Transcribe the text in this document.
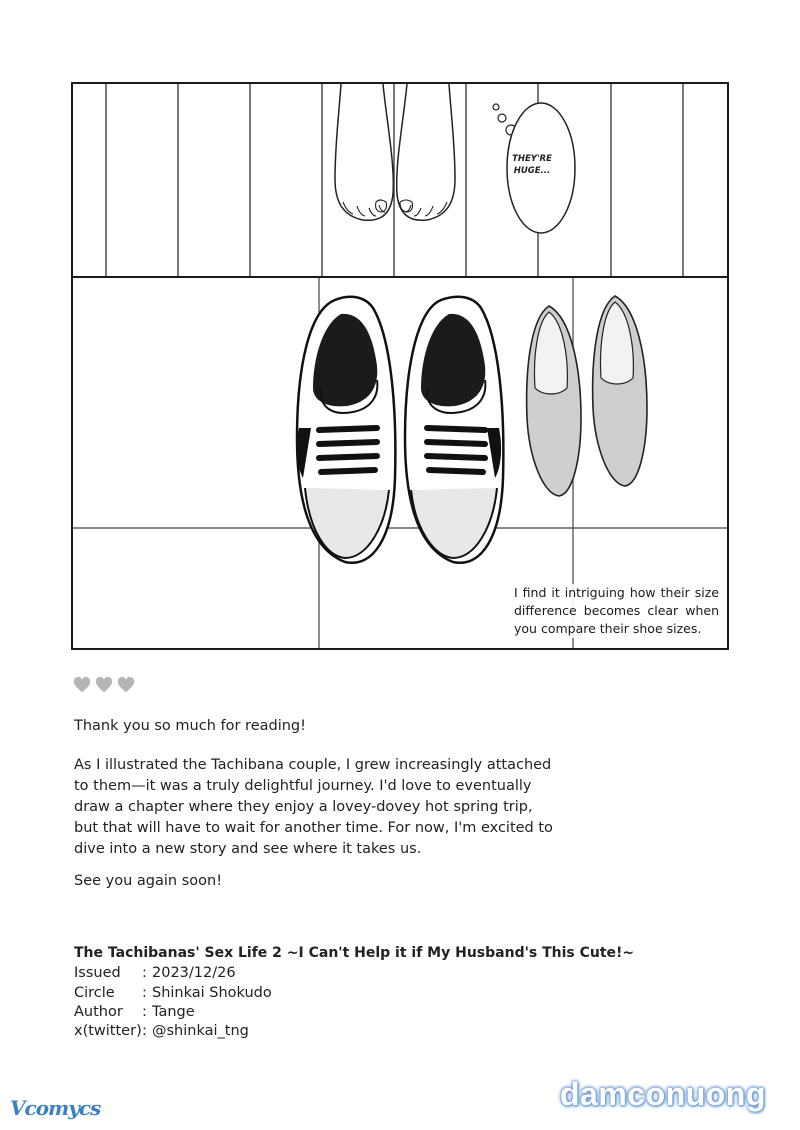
THEY'RE HUGE...
I find it intriguing how their size difference becomes clear when you compare their shoe sizes.
Thank you so much for reading!
As I illustrated the Tachibana couple, I grew increasingly attached to them—it was a truly delightful journey. I'd love to eventually draw a chapter where they enjoy a lovey-dovey hot spring trip, but that will have to wait for another time. For now, I'm excited to dive into a new story and see where it takes us.
See you again soon!
The Tachibanas' Sex Life 2 ~I Can't Help it if My Husband's This Cute!~
Issued : 2023/12/26
Circle : Shinkai Shokudo
Author : Tange
x(twitter): @shinkai_tng
Vcomycs	damconuong
